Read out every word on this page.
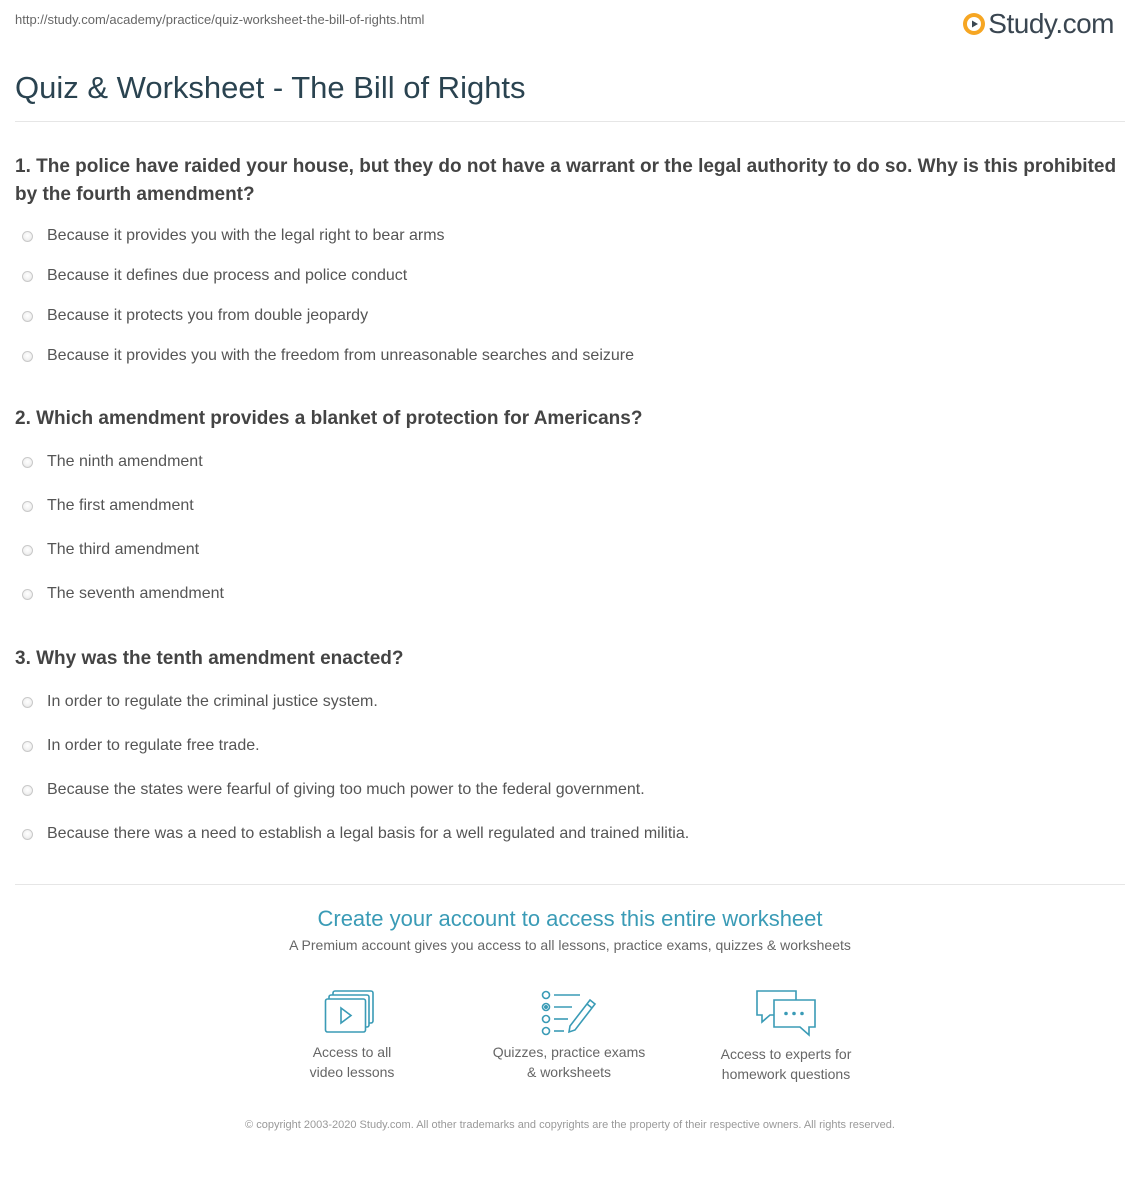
http://study.com/academy/practice/quiz-worksheet-the-bill-of-rights.html	Study.com
Quiz & Worksheet - The Bill of Rights
1. The police have raided your house, but they do not have a warrant or the legal authority to do so. Why is this prohibited by the fourth amendment?
Because it provides you with the legal right to bear arms
Because it defines due process and police conduct
Because it protects you from double jeopardy
Because it provides you with the freedom from unreasonable searches and seizure
2. Which amendment provides a blanket of protection for Americans?
The ninth amendment
The first amendment
The third amendment
The seventh amendment
3. Why was the tenth amendment enacted?
In order to regulate the criminal justice system.
In order to regulate free trade.
Because the states were fearful of giving too much power to the federal government.
Because there was a need to establish a legal basis for a well regulated and trained militia.
Create your account to access this entire worksheet
A Premium account gives you access to all lessons, practice exams, quizzes & worksheets
Access to all
video lessons
Quizzes, practice exams
& worksheets
Access to experts for
homework questions
© copyright 2003-2020 Study.com. All other trademarks and copyrights are the property of their respective owners. All rights reserved.
